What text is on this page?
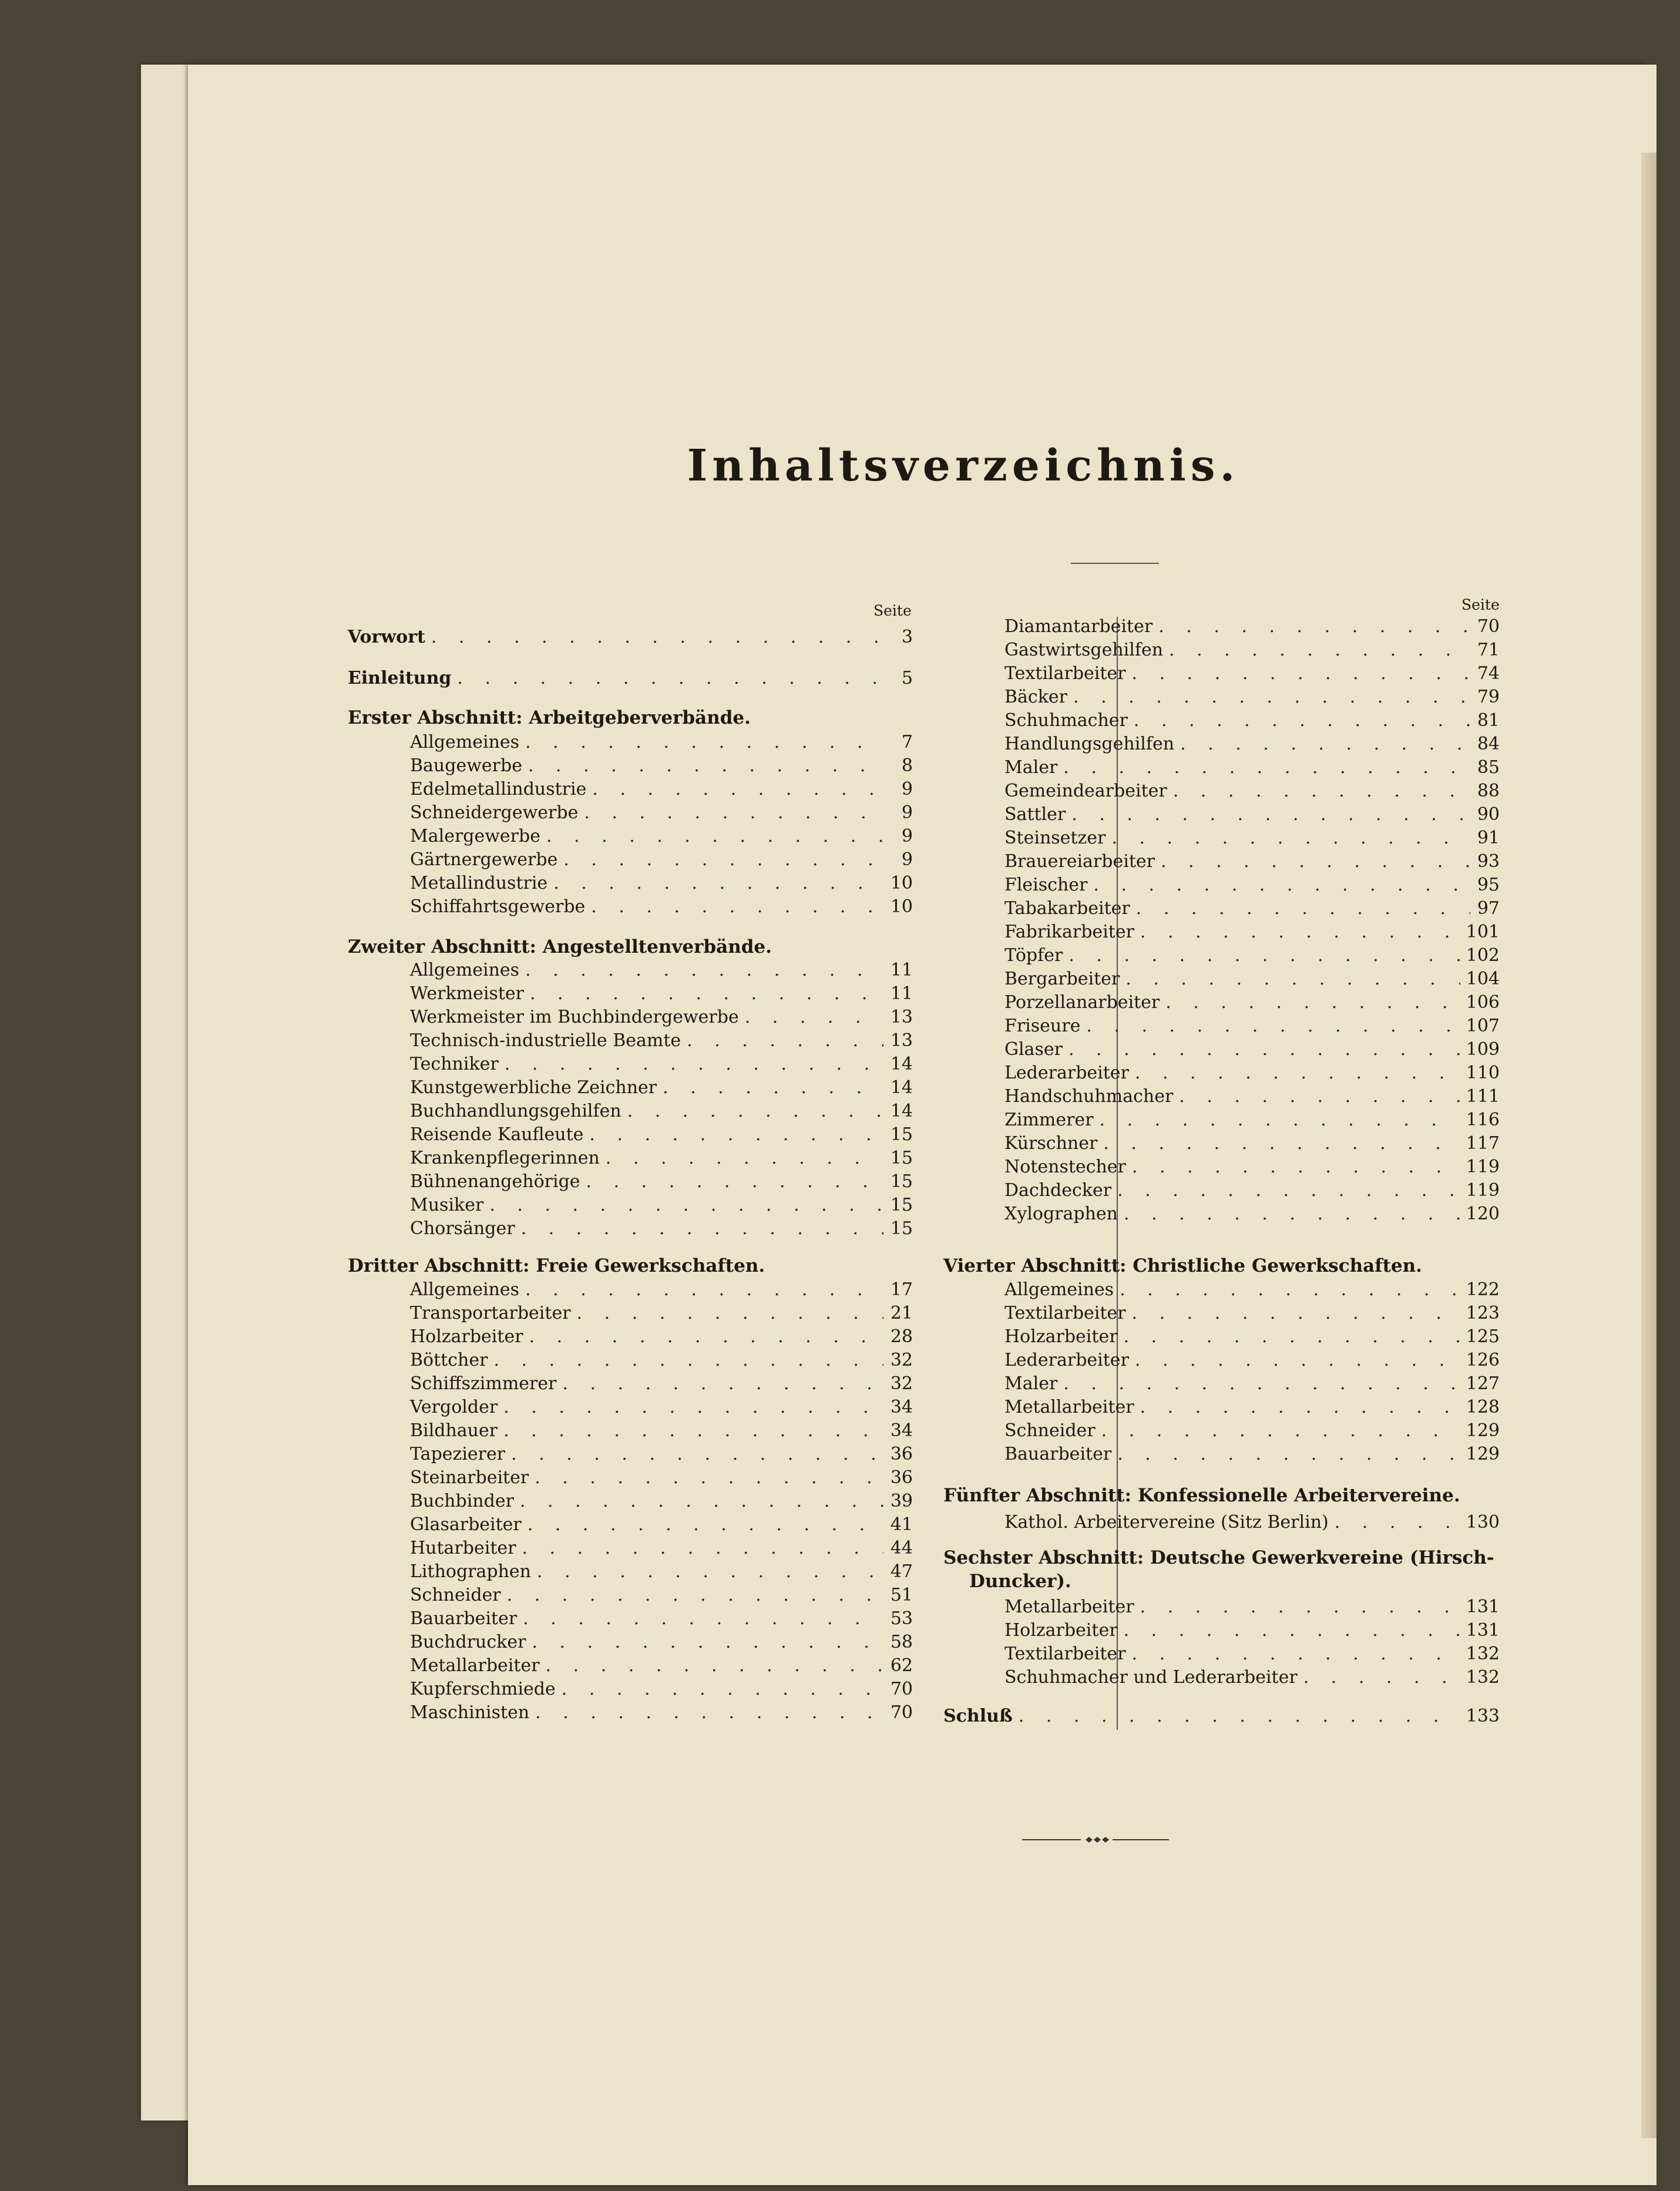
Inhaltsverzeichnis.
Seite	Seite
Vorwort . . .	3
Einleitung . . .	5
Erster Abschnitt: Arbeitgeberverbände.
Allgemeines . . .	7
Baugewerbe . . .	8
Edelmetallindustrie . . .	9
Schneidergewerbe . . .	9
Malergewerbe . . .	9
Gärtnergewerbe . . .	9
Metallindustrie . . .	10
Schiffahrtsgewerbe . . .	10
Zweiter Abschnitt: Angestelltenverbände.
Allgemeines . . .	11
Werkmeister . . .	11
Werkmeister im Buchbindergewerbe . . .	13
Technisch-industrielle Beamte . . .	13
Techniker . . .	14
Kunstgewerbliche Zeichner . . .	14
Buchhandlungsgehilfen . . .	14
Reisende Kaufleute . . .	15
Krankenpflegerinnen . . .	15
Bühnenangehörige . . .	15
Musiker . . .	15
Chorsänger . . .	15
Dritter Abschnitt: Freie Gewerkschaften.
Allgemeines . . .	17
Transportarbeiter . . .	21
Holzarbeiter . . .	28
Böttcher . . .	32
Schiffszimmerer . . .	32
Vergolder . . .	34
Bildhauer . . .	34
Tapezierer . . .	36
Steinarbeiter . . .	36
Buchbinder . . .	39
Glasarbeiter . . .	41
Hutarbeiter . . .	44
Lithographen . . .	47
Schneider . . .	51
Bauarbeiter . . .	53
Buchdrucker . . .	58
Metallarbeiter . . .	62
Kupferschmiede . . .	70
Maschinisten . . .	70
Diamantarbeiter . . .	70
Gastwirtsgehilfen . . .	71
Textilarbeiter . . .	74
Bäcker . . .	79
Schuhmacher . . .	81
Handlungsgehilfen . . .	84
Maler . . .	85
Gemeindearbeiter . . .	88
Sattler . . .	90
Steinsetzer . . .	91
Brauereiarbeiter . . .	93
Fleischer . . .	95
Tabakarbeiter . . .	97
Fabrikarbeiter . . .	101
Töpfer . . .	102
Bergarbeiter . . .	104
Porzellanarbeiter . . .	106
Friseure . . .	107
Glaser . . .	109
Lederarbeiter . . .	110
Handschuhmacher . . .	111
Zimmerer . . .	116
Kürschner . . .	117
Notenstecher . . .	119
Dachdecker . . .	119
Xylographen . . .	120
Vierter Abschnitt: Christliche Gewerkschaften.
Allgemeines . . .	122
Textilarbeiter . . .	123
Holzarbeiter . . .	125
Lederarbeiter . . .	126
Maler . . .	127
Metallarbeiter . . .	128
Schneider . . .	129
Bauarbeiter . . .	129
Fünfter Abschnitt: Konfessionelle Arbeitervereine.
Kathol. Arbeitervereine (Sitz Berlin) . . .	130
Sechster Abschnitt: Deutsche Gewerkvereine (Hirsch-
Duncker).
Metallarbeiter . . .	131
Holzarbeiter . . .	131
Textilarbeiter . . .	132
Schuhmacher und Lederarbeiter . . .	132
Schluß . . .	133
